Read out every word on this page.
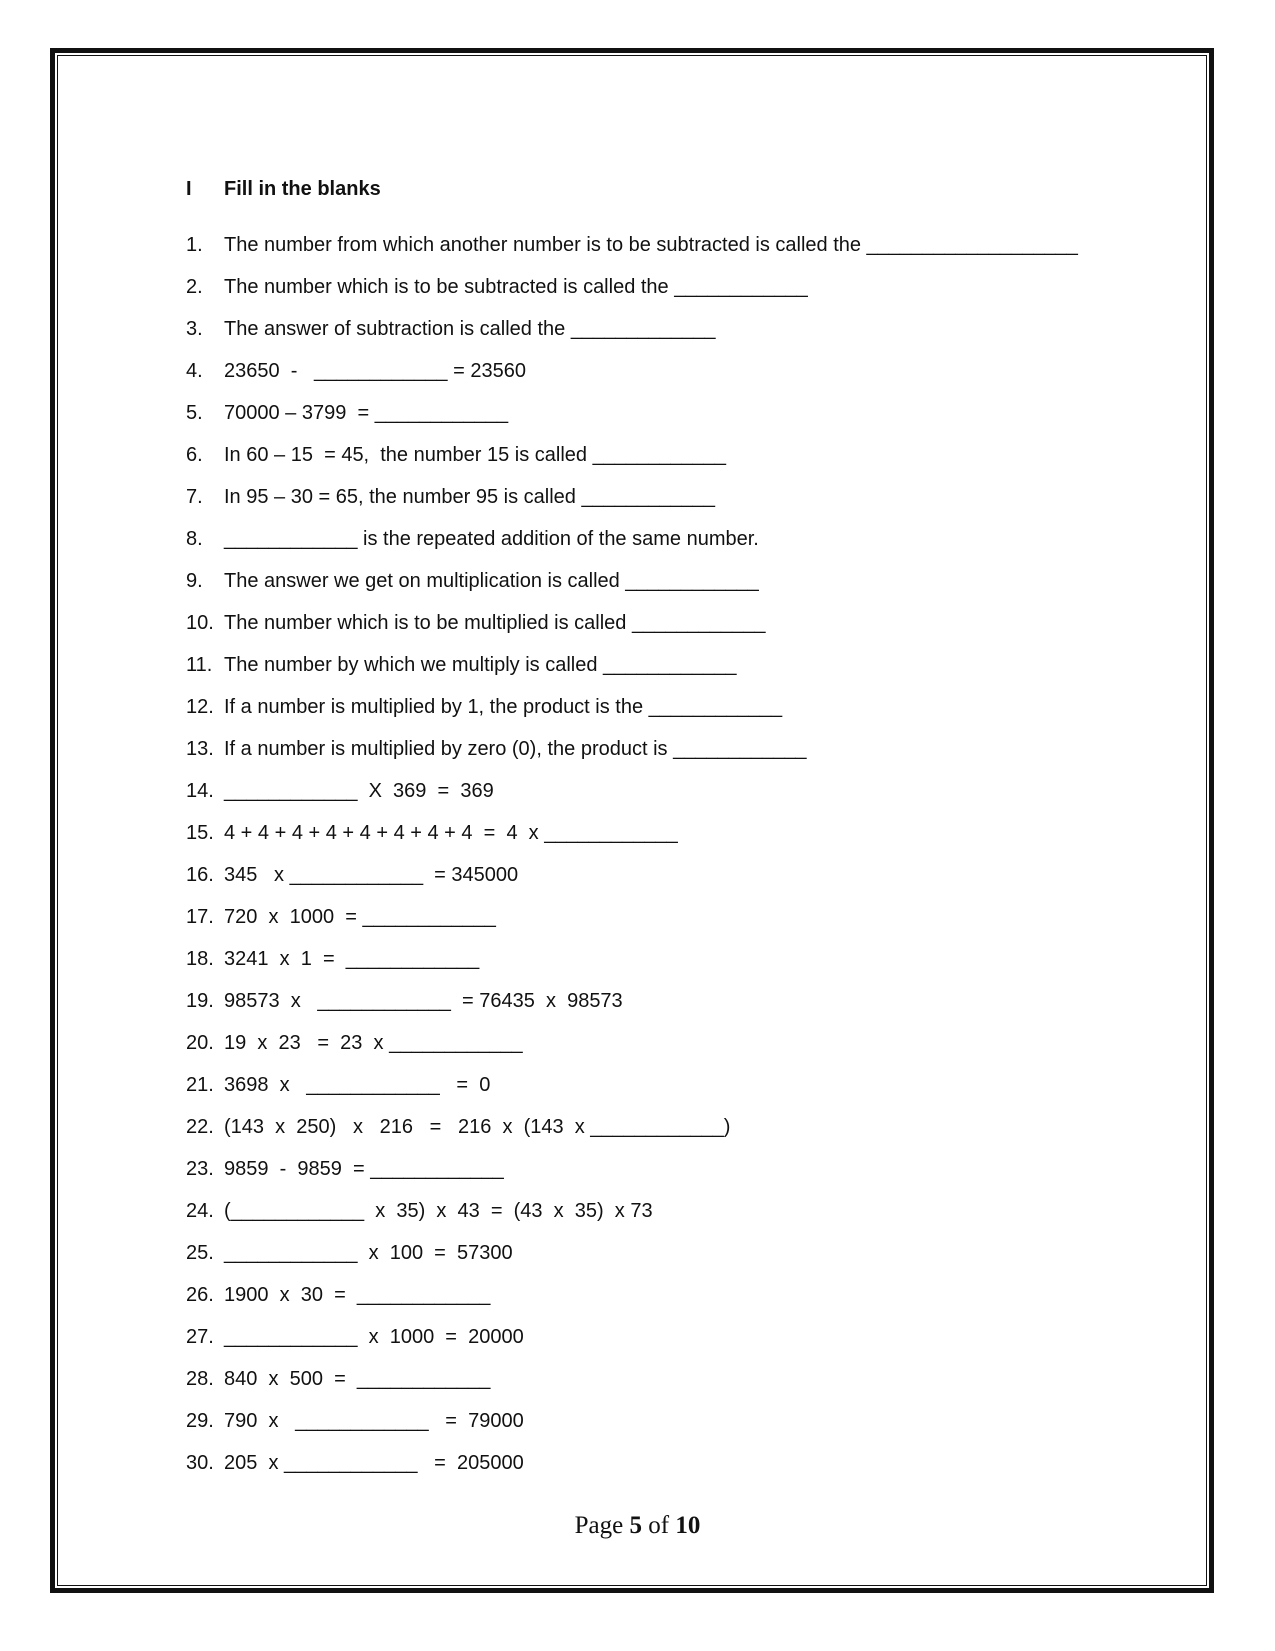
I	Fill in the blanks
1.	The number from which another number is to be subtracted is called the ___________________
2.	The number which is to be subtracted is called the ____________
3.	The answer of subtraction is called the _____________
4.	23650  -   ____________ = 23560
5.	70000 – 3799  = ____________
6.	In 60 – 15  = 45,  the number 15 is called ____________
7.	In 95 – 30 = 65, the number 95 is called ____________
8.	____________ is the repeated addition of the same number.
9.	The answer we get on multiplication is called ____________
10. The number which is to be multiplied is called ____________
11. The number by which we multiply is called ____________
12. If a number is multiplied by 1, the product is the ____________
13. If a number is multiplied by zero (0), the product is ____________
14. ____________  X  369  =  369
15. 4 + 4 + 4 + 4 + 4 + 4 + 4 + 4  =  4  x ____________
16. 345   x ____________  = 345000
17. 720  x  1000  = ____________
18. 3241  x  1  =  ____________
19. 98573  x   ____________  = 76435  x  98573
20. 19  x  23   =  23  x ____________
21. 3698  x   ____________   =  0
22. (143  x  250)   x   216   =   216  x  (143  x ____________)
23. 9859  -  9859  = ____________
24. (____________  x  35)  x  43  =  (43  x  35)  x 73
25. ____________  x  100  =  57300
26. 1900  x  30  =  ____________
27. ____________  x  1000  =  20000
28. 840  x  500  =  ____________
29. 790  x   ____________   =  79000
30. 205  x ____________   =  205000
Page 5 of 10
